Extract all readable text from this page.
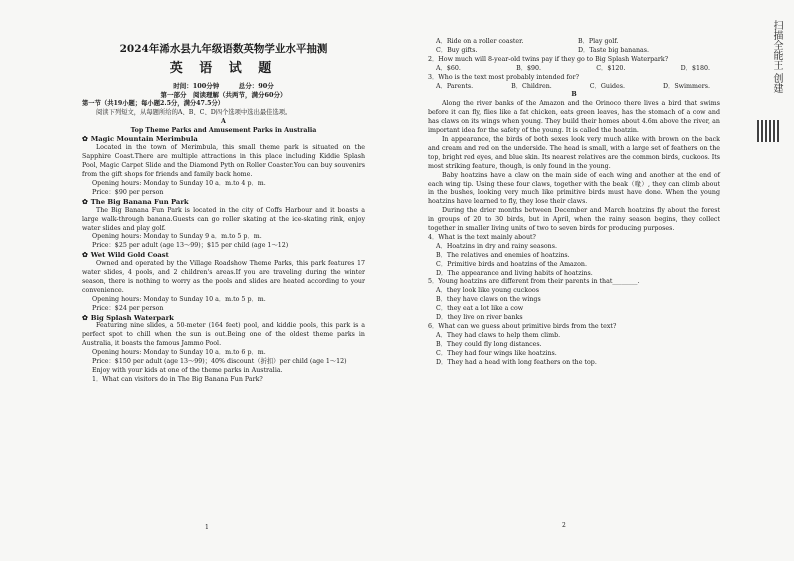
2024年浠水县九年级语数英物学业水平抽测
英 语 试 题
时间：100分钟　　　总分：90分
第一部分　阅读理解（共两节，满分60分）
第一节（共19小题；每小题2.5分，满分47.5分）
阅读下列短文，从每题所给的A、B、C、D四个选项中选出最佳选项。
A
Top Theme Parks and Amusement Parks in Australia
✿ Magic Mountain Merimbula
Located in the town of Merimbula, this small theme park is situated on the Sapphire Coast.There are multiple attractions in this place including Kiddie Splash Pool, Magic Carpet Slide and the Diamond Pyth on Roller Coaster.You can buy souvenirs from the gift shops for friends and family back home.
Opening hours: Monday to Sunday 10 a．m.to 4 p．m.
Price：$90 per person
✿ The Big Banana Fun Park
The Big Banana Fun Park is located in the city of Coffs Harbour and it boasts a large walk-through banana.Guests can go roller skating at the ice-skating rink, enjoy water slides and play golf.
Opening hours: Monday to Sunday 9 a．m.to 5 p．m.
Price：$25 per adult (age 13～99)；$15 per child (age 1～12)
✿ Wet Wild Gold Coast
Owned and operated by the Village Roadshow Theme Parks, this park features 17 water slides, 4 pools, and 2 children's areas.If you are traveling during the winter season, there is nothing to worry as the pools and slides are heated according to your convenience.
Opening hours: Monday to Sunday 10 a．m.to 5 p．m.
Price：$24 per person
✿ Big Splash Waterpark
Featuring nine slides, a 50-meter (164 feet) pool, and kiddie pools, this park is a perfect spot to chill when the sun is out.Being one of the oldest theme parks in Australia, it boasts the famous Jammo Pool.
Opening hours: Monday to Sunday 10 a．m.to 6 p．m.
Price：$150 per adult (age 13～99)；40% discount（折扣）per child (age 1～12)
Enjoy with your kids at one of the theme parks in Australia.
1．What can visitors do in The Big Banana Fun Park?
A．Ride on a roller coaster.	B．Play golf.
C．Buy gifts.	D．Taste big bananas.
2．How much will 8-year-old twins pay if they go to Big Splash Waterpark?
A．$60.	B．$90.	C．$120.	D．$180.
3．Who is the text most probably intended for?
A．Parents.	B．Children.	C．Guides.	D．Swimmers.
B
Along the river banks of the Amazon and the Orinoco there lives a bird that swims before it can fly, flies like a fat chicken, eats green leaves, has the stomach of a cow and has claws on its wings when young. They build their homes about 4.6m above the river, an important idea for the safety of the young. It is called the hoatzin.
In appearance, the birds of both sexes look very much alike with brown on the back and cream and red on the underside. The head is small, with a large set of feathers on the top, bright red eyes, and blue skin. Its nearest relatives are the common birds, cuckoos. Its most striking feature, though, is only found in the young.
Baby hoatzins have a claw on the main side of each wing and another at the end of each wing tip. Using these four claws, together with the beak（喙）, they can climb about in the bushes, looking very much like primitive birds must have done. When the young hoatzins have learned to fly, they lose their claws.
During the drier months between December and March hoatzins fly about the forest in groups of 20 to 30 birds, but in April, when the rainy season begins, they collect together in smaller living units of two to seven birds for producing purposes.
4．What is the text mainly about?
A．Hoatzins in dry and rainy seasons.
B．The relatives and enemies of hoatzins.
C．Primitive birds and hoatzins of the Amazon.
D．The appearance and living habits of hoatzins.
5．Young hoatzins are different from their parents in that________.
A．they look like young cuckoos
B．they have claws on the wings
C．they eat a lot like a cow
D．they live on river banks
6．What can we guess about primitive birds from the text?
A．They had claws to help them climb.
B．They could fly long distances.
C．They had four wings like hoatzins.
D．They had a head with long feathers on the top.
1	2
扫描全能王 创建
